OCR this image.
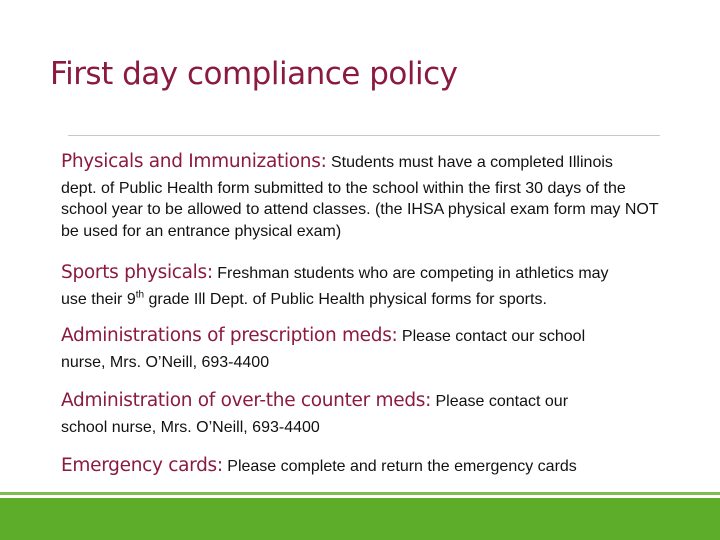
First day compliance policy
Physicals and Immunizations: Students must have a completed Illinois
dept. of Public Health form submitted to the school within the first 30 days of the school year to be allowed to attend classes. (the IHSA physical exam form may NOT be used for an entrance physical exam)
Sports physicals: Freshman students who are competing in athletics may
use their 9th grade Ill Dept. of Public Health physical forms for sports.
Administrations of prescription meds: Please contact our school
nurse, Mrs. O’Neill, 693-4400
Administration of over-the counter meds: Please contact our
school nurse, Mrs. O’Neill, 693-4400
Emergency cards: Please complete and return the emergency cards
